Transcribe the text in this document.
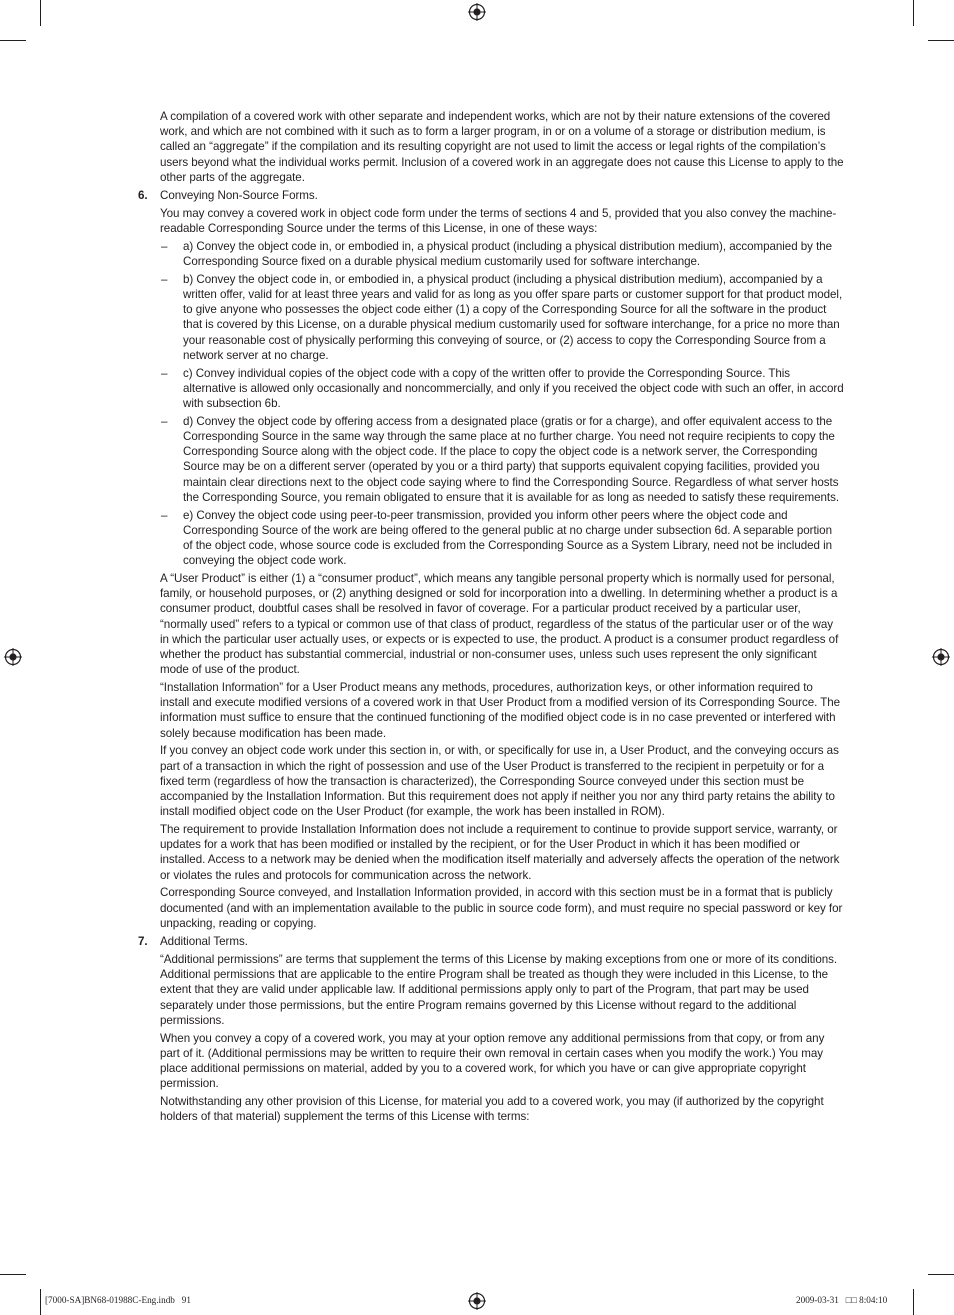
A compilation of a covered work with other separate and independent works, which are not by their nature extensions of the covered work, and which are not combined with it such as to form a larger program, in or on a volume of a storage or distribution medium, is called an “aggregate” if the compilation and its resulting copyright are not used to limit the access or legal rights of the compilation’s users beyond what the individual works permit. Inclusion of a covered work in an aggregate does not cause this License to apply to the other parts of the aggregate.

6. Conveying Non-Source Forms.

You may convey a covered work in object code form under the terms of sections 4 and 5, provided that you also convey the machine-readable Corresponding Source under the terms of this License, in one of these ways:

– a) Convey the object code in, or embodied in, a physical product (including a physical distribution medium), accompanied by the Corresponding Source fixed on a durable physical medium customarily used for software interchange.
– b) Convey the object code in, or embodied in, a physical product (including a physical distribution medium), accompanied by a written offer, valid for at least three years and valid for as long as you offer spare parts or customer support for that product model, to give anyone who possesses the object code either (1) a copy of the Corresponding Source for all the software in the product that is covered by this License, on a durable physical medium customarily used for software interchange, for a price no more than your reasonable cost of physically performing this conveying of source, or (2) access to copy the Corresponding Source from a network server at no charge.
– c) Convey individual copies of the object code with a copy of the written offer to provide the Corresponding Source. This alternative is allowed only occasionally and noncommercially, and only if you received the object code with such an offer, in accord with subsection 6b.
– d) Convey the object code by offering access from a designated place (gratis or for a charge), and offer equivalent access to the Corresponding Source in the same way through the same place at no further charge. You need not require recipients to copy the Corresponding Source along with the object code. If the place to copy the object code is a network server, the Corresponding Source may be on a different server (operated by you or a third party) that supports equivalent copying facilities, provided you maintain clear directions next to the object code saying where to find the Corresponding Source. Regardless of what server hosts the Corresponding Source, you remain obligated to ensure that it is available for as long as needed to satisfy these requirements.
– e) Convey the object code using peer-to-peer transmission, provided you inform other peers where the object code and Corresponding Source of the work are being offered to the general public at no charge under subsection 6d. A separable portion of the object code, whose source code is excluded from the Corresponding Source as a System Library, need not be included in conveying the object code work.

A “User Product” is either (1) a “consumer product”, which means any tangible personal property which is normally used for personal, family, or household purposes, or (2) anything designed or sold for incorporation into a dwelling. In determining whether a product is a consumer product, doubtful cases shall be resolved in favor of coverage. For a particular product received by a particular user, “normally used” refers to a typical or common use of that class of product, regardless of the status of the particular user or of the way in which the particular user actually uses, or expects or is expected to use, the product. A product is a consumer product regardless of whether the product has substantial commercial, industrial or non-consumer uses, unless such uses represent the only significant mode of use of the product.

“Installation Information” for a User Product means any methods, procedures, authorization keys, or other information required to install and execute modified versions of a covered work in that User Product from a modified version of its Corresponding Source. The information must suffice to ensure that the continued functioning of the modified object code is in no case prevented or interfered with solely because modification has been made.

If you convey an object code work under this section in, or with, or specifically for use in, a User Product, and the conveying occurs as part of a transaction in which the right of possession and use of the User Product is transferred to the recipient in perpetuity or for a fixed term (regardless of how the transaction is characterized), the Corresponding Source conveyed under this section must be accompanied by the Installation Information. But this requirement does not apply if neither you nor any third party retains the ability to install modified object code on the User Product (for example, the work has been installed in ROM).

The requirement to provide Installation Information does not include a requirement to continue to provide support service, warranty, or updates for a work that has been modified or installed by the recipient, or for the User Product in which it has been modified or installed. Access to a network may be denied when the modification itself materially and adversely affects the operation of the network or violates the rules and protocols for communication across the network.

Corresponding Source conveyed, and Installation Information provided, in accord with this section must be in a format that is publicly documented (and with an implementation available to the public in source code form), and must require no special password or key for unpacking, reading or copying.

7. Additional Terms.

“Additional permissions” are terms that supplement the terms of this License by making exceptions from one or more of its conditions. Additional permissions that are applicable to the entire Program shall be treated as though they were included in this License, to the extent that they are valid under applicable law. If additional permissions apply only to part of the Program, that part may be used separately under those permissions, but the entire Program remains governed by this License without regard to the additional permissions.

When you convey a copy of a covered work, you may at your option remove any additional permissions from that copy, or from any part of it. (Additional permissions may be written to require their own removal in certain cases when you modify the work.) You may place additional permissions on material, added by you to a covered work, for which you have or can give appropriate copyright permission.

Notwithstanding any other provision of this License, for material you add to a covered work, you may (if authorized by the copyright holders of that material) supplement the terms of this License with terms:

[7000-SA]BN68-01988C-Eng.indb   91	2009-03-31   □□ 8:04:10
